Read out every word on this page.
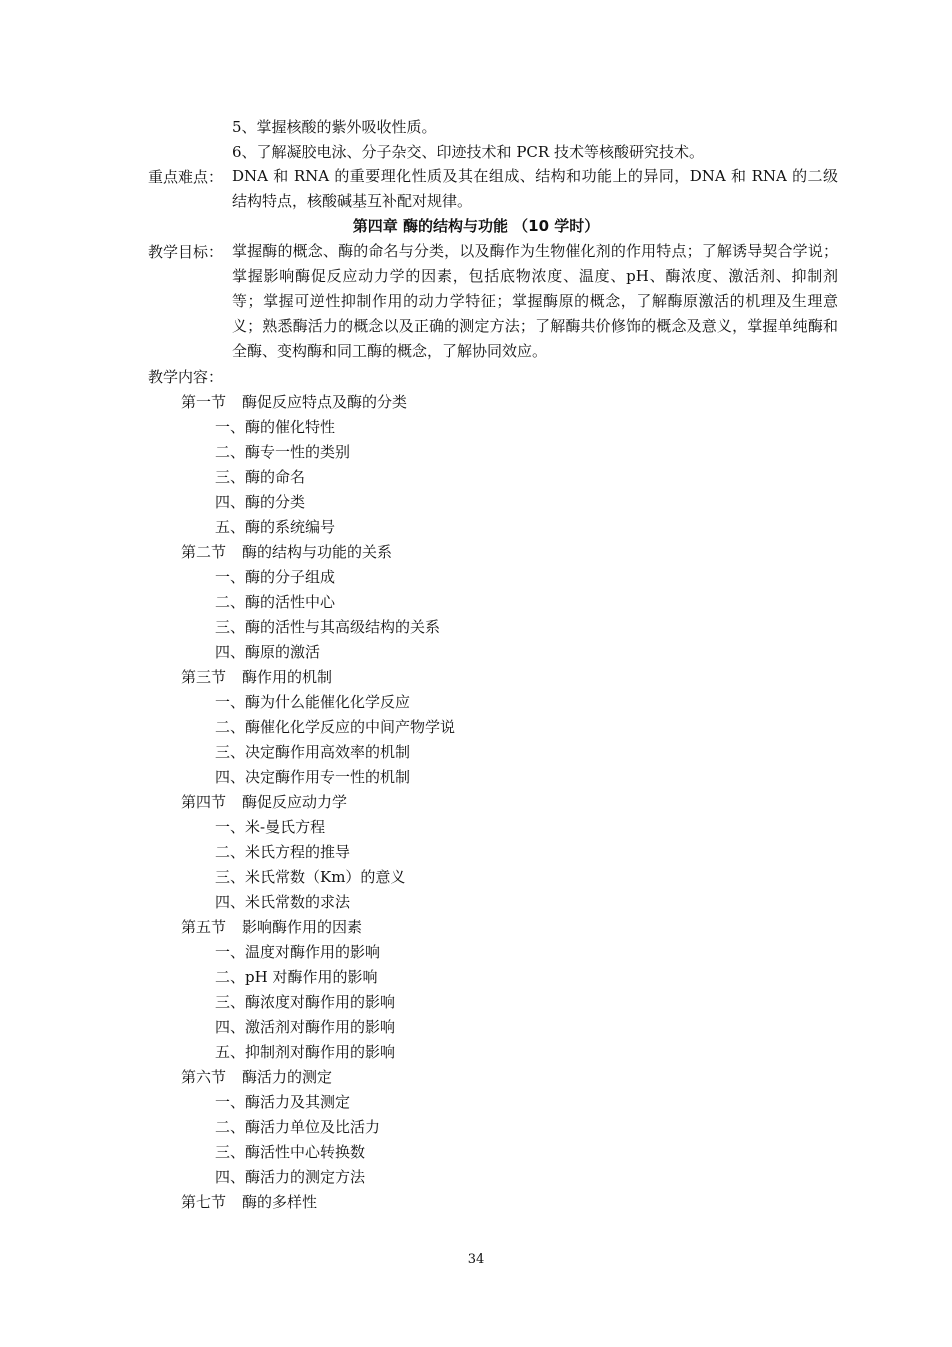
5、掌握核酸的紫外吸收性质。
6、了解凝胶电泳、分子杂交、印迹技术和 PCR 技术等核酸研究技术。
重点难点： DNA 和 RNA 的重要理化性质及其在组成、结构和功能上的异同，DNA 和 RNA 的二级结构特点，核酸碱基互补配对规律。

第四章 酶的结构与功能 （10 学时）
教学目标： 掌握酶的概念、酶的命名与分类，以及酶作为生物催化剂的作用特点；了解诱导契合学说；掌握影响酶促反应动力学的因素，包括底物浓度、温度、pH、酶浓度、激活剂、抑制剂等；掌握可逆性抑制作用的动力学特征；掌握酶原的概念，了解酶原激活的机理及生理意义；熟悉酶活力的概念以及正确的测定方法；了解酶共价修饰的概念及意义，掌握单纯酶和全酶、变构酶和同工酶的概念，了解协同效应。

教学内容：
第一节 酶促反应特点及酶的分类
一、酶的催化特性
二、酶专一性的类别
三、酶的命名
四、酶的分类
五、酶的系统编号
第二节 酶的结构与功能的关系
一、酶的分子组成
二、酶的活性中心
三、酶的活性与其高级结构的关系
四、酶原的激活
第三节 酶作用的机制
一、酶为什么能催化化学反应
二、酶催化化学反应的中间产物学说
三、决定酶作用高效率的机制
四、决定酶作用专一性的机制
第四节 酶促反应动力学
一、米-曼氏方程
二、米氏方程的推导
三、米氏常数（Km）的意义
四、米氏常数的求法
第五节 影响酶作用的因素
一、温度对酶作用的影响
二、pH 对酶作用的影响
三、酶浓度对酶作用的影响
四、激活剂对酶作用的影响
五、抑制剂对酶作用的影响
第六节 酶活力的测定
一、酶活力及其测定
二、酶活力单位及比活力
三、酶活性中心转换数
四、酶活力的测定方法
第七节 酶的多样性
34
